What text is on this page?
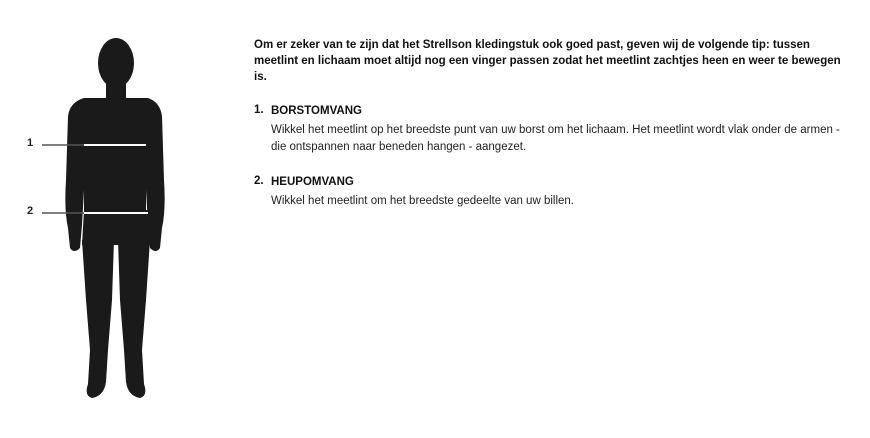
1
2

Om er zeker van te zijn dat het Strellson kledingstuk ook goed past, geven wij de volgende tip: tussen meetlint en lichaam moet altijd nog een vinger passen zodat het meetlint zachtjes heen en weer te bewegen is.

1. BORSTOMVANG
Wikkel het meetlint op het breedste punt van uw borst om het lichaam. Het meetlint wordt vlak onder de armen - die ontspannen naar beneden hangen - aangezet.
2. HEUPOMVANG
Wikkel het meetlint om het breedste gedeelte van uw billen.
